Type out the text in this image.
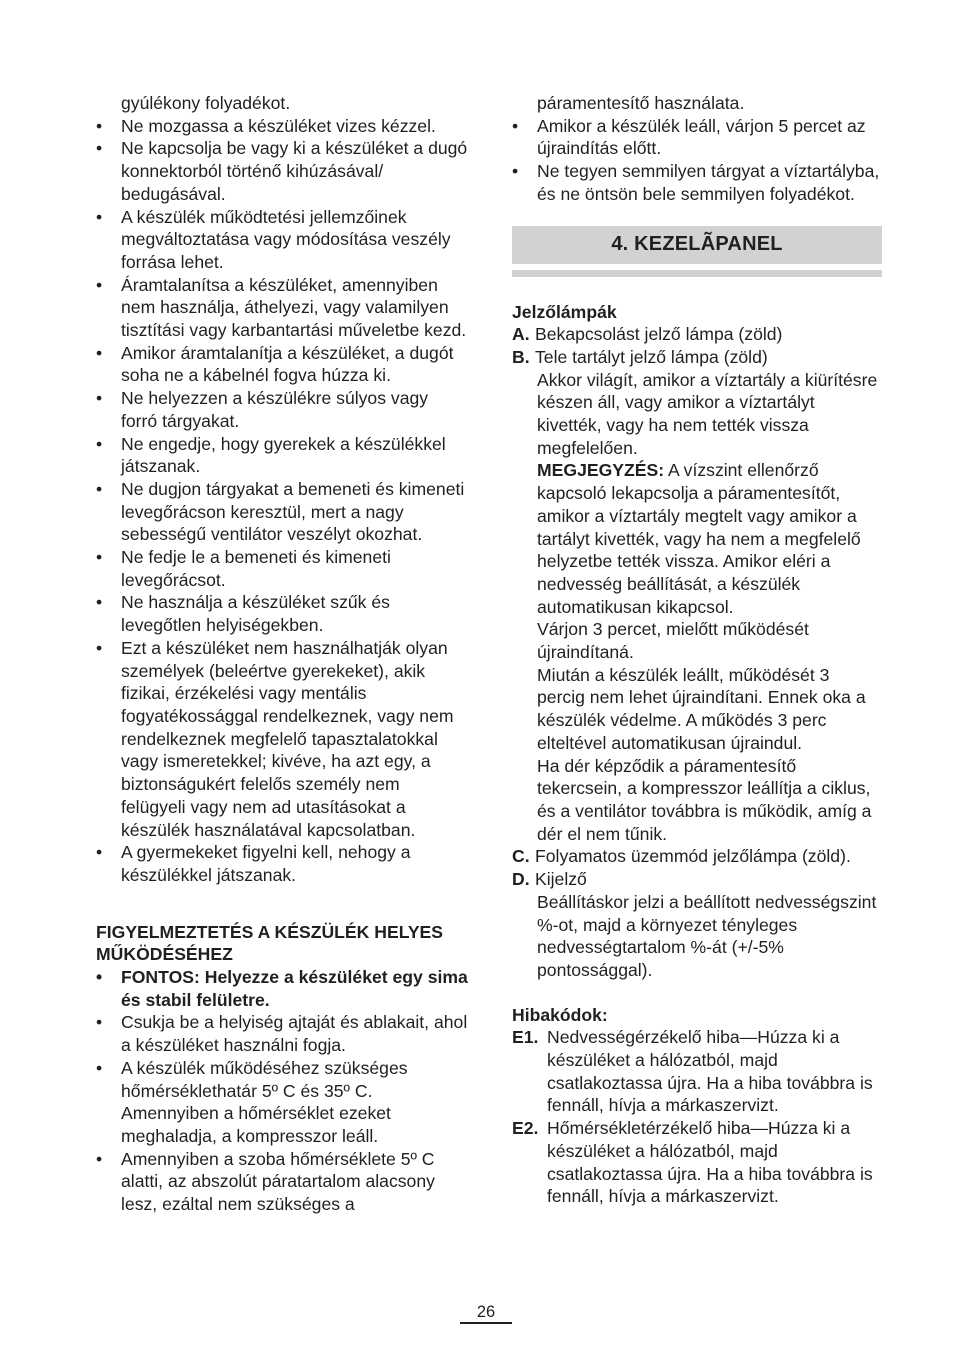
gyúlékony folyadékot.
• Ne mozgassa a készüléket vizes kézzel.
• Ne kapcsolja be vagy ki a készüléket a dugó konnektorból történő kihúzásával/ bedugásával.
• A készülék működtetési jellemzőinek megváltoztatása vagy módosítása veszély forrása lehet.
• Áramtalanítsa a készüléket, amennyiben nem használja, áthelyezi, vagy valamilyen tisztítási vagy karbantartási műveletbe kezd.
• Amikor áramtalanítja a készüléket, a dugót soha ne a kábelnél fogva húzza ki.
• Ne helyezzen a készülékre súlyos vagy forró tárgyakat.
• Ne engedje, hogy gyerekek a készülékkel játszanak.
• Ne dugjon tárgyakat a bemeneti és kimeneti levegőrácson keresztül, mert a nagy sebességű ventilátor veszélyt okozhat.
• Ne fedje le a bemeneti és kimeneti levegőrácsot.
• Ne használja a készüléket szűk és levegőtlen helyiségekben.
• Ezt a készüléket nem használhatják olyan személyek (beleértve gyerekeket), akik fizikai, érzékelési vagy mentális fogyatékossággal rendelkeznek, vagy nem rendelkeznek megfelelő tapasztalatokkal vagy ismeretekkel; kivéve, ha azt egy, a biztonságukért felelős személy nem felügyeli vagy nem ad utasításokat a készülék használatával kapcsolatban.
• A gyermekeket figyelni kell, nehogy a készülékkel játszanak.

FIGYELMEZTETÉS A KÉSZÜLÉK HELYES MŰKÖDÉSÉHEZ

• FONTOS: Helyezze a készüléket egy sima és stabil felületre.
• Csukja be a helyiség ajtaját és ablakait, ahol a készüléket használni fogja.
• A készülék működéséhez szükséges hőmérséklethatár 5º C és 35º C. Amennyiben a hőmérséklet ezeket meghaladja, a kompresszor leáll.
• Amennyiben a szoba hőmérséklete 5º C alatti, az abszolút páratartalom alacsony lesz, ezáltal nem szükséges a
páramentesítő használata.
• Amikor a készülék leáll, várjon 5 percet az újraindítás előtt.
• Ne tegyen semmilyen tárgyat a víztartályba, és ne öntsön bele semmilyen folyadékot.
4. KEZELÃPANEL

Jelzőlámpák

A. Bekapcsolást jelző lámpa (zöld)
B. Tele tartályt jelző lámpa (zöld)

Akkor világít, amikor a víztartály a kiürítésre készen áll, vagy amikor a víztartályt kivették, vagy ha nem tették vissza megfelelően.

MEGJEGYZÉS: A vízszint ellenőrző kapcsoló lekapcsolja a páramentesítőt, amikor a víztartály megtelt vagy amikor a tartályt kivették, vagy ha nem a megfelelő helyzetbe tették vissza. Amikor eléri a nedvesség beállítását, a készülék automatikusan kikapcsol.

Várjon 3 percet, mielőtt működését újraindítaná.

Miután a készülék leállt, működését 3 percig nem lehet újraindítani. Ennek oka a készülék védelme. A működés 3 perc elteltével automatikusan újraindul.

Ha dér képződik a páramentesítő tekercsein, a kompresszor leállítja a ciklus, és a ventilátor továbbra is működik, amíg a dér el nem tűnik.

C. Folyamatos üzemmód jelzőlámpa (zöld).
D. Kijelző

Beállításkor jelzi a beállított nedvességszint %-ot, majd a környezet tényleges nedvességtartalom %-át (+/-5% pontossággal).

Hibakódok:

E1. Nedvességérzékelő hiba—Húzza ki a készüléket a hálózatból, majd csatlakoztassa újra. Ha a hiba továbbra is fennáll, hívja a márkaszervizt.
E2. Hőmérsékletérzékelő hiba—Húzza ki a készüléket a hálózatból, majd csatlakoztassa újra. Ha a hiba továbbra is fennáll, hívja a márkaszervizt.
26
